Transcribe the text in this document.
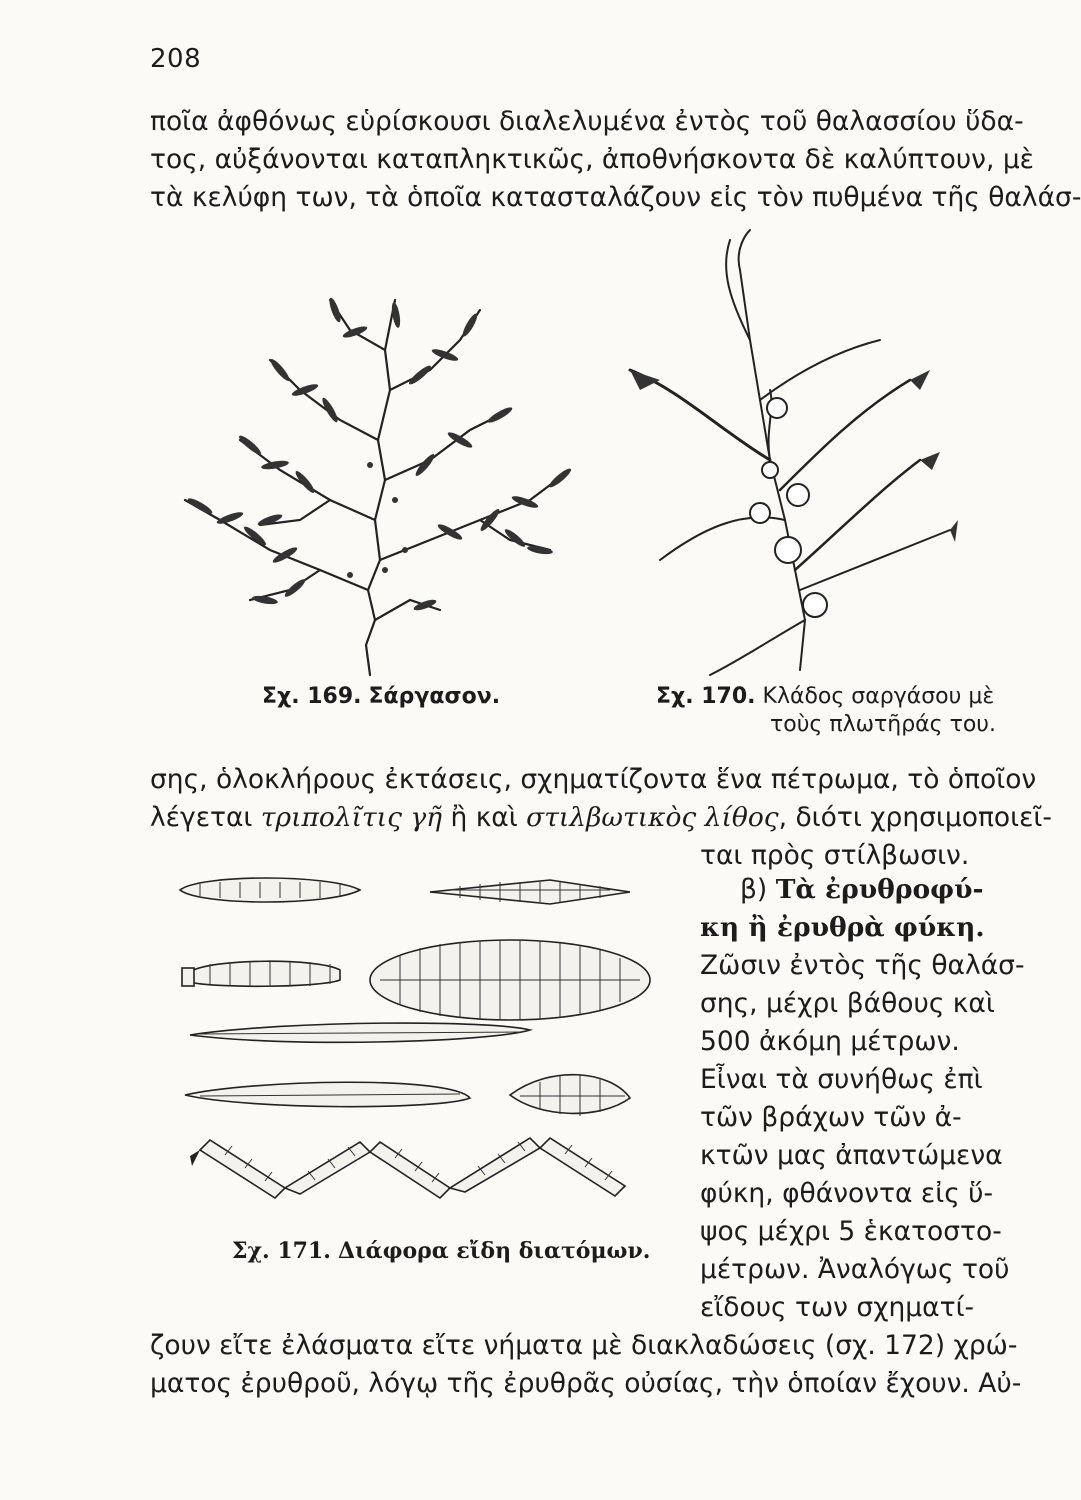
208
ποῖα ἀφθόνως εὑρίσκουσι διαλελυμένα ἐντὸς τοῦ θαλασσίου ὕδα-
τος, αὐξάνονται καταπληκτικῶς, ἀποθνήσκοντα δὲ καλύπτουν, μὲ
τὰ κελύφη των, τὰ ὁποῖα κατασταλάζουν εἰς τὸν πυθμένα τῆς θαλάσ-
Σχ. 169. Σάργασον.	Σχ. 170. Κλάδος σαργάσου μὲ
τοὺς πλωτῆράς του.
σης, ὁλοκλήρους ἐκτάσεις, σχηματίζοντα ἕνα πέτρωμα, τὸ ὁποῖον
λέγεται τριπολῖτις γῆ ἢ καὶ στιλβωτικὸς λίθος, διότι χρησιμοποιεῖ-
ται πρὸς στίλβωσιν.
Σχ. 171. Διάφορα εἴδη διατόμων.
β) Τὰ ἐρυθροφύ-
κη ἢ ἐρυθρὰ φύκη.
Ζῶσιν ἐντὸς τῆς θαλάσ-
σης, μέχρι βάθους καὶ
500 ἀκόμη μέτρων.
Εἶναι τὰ συνήθως ἐπὶ
τῶν βράχων τῶν ἀ-
κτῶν μας ἀπαντώμενα
φύκη, φθάνοντα εἰς ὕ-
ψος μέχρι 5 ἑκατοστο-
μέτρων. Ἀναλόγως τοῦ
εἴδους των σχηματί-
ζουν εἴτε ἐλάσματα εἴτε νήματα μὲ διακλαδώσεις (σχ. 172) χρώ-
ματος ἐρυθροῦ, λόγῳ τῆς ἐρυθρᾶς οὐσίας, τὴν ὁποίαν ἔχουν. Αὐ-
